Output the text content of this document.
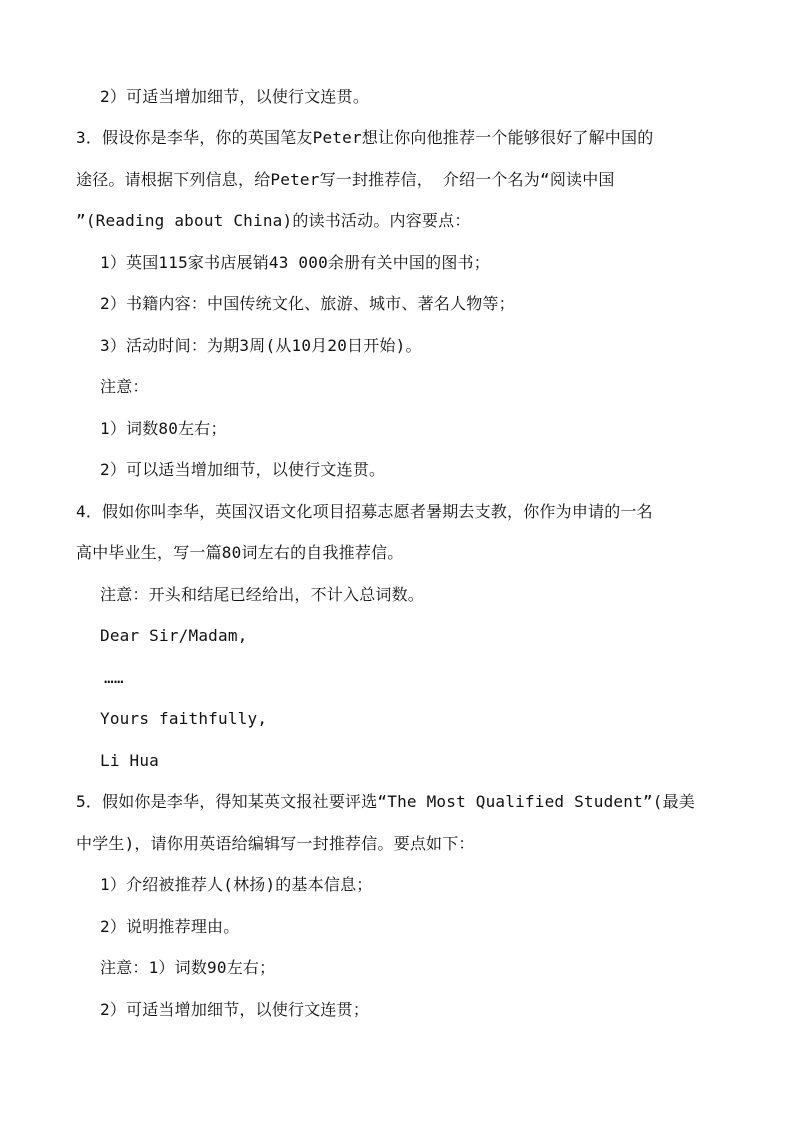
2）可适当增加细节，以使行文连贯。
3．假设你是李华，你的英国笔友Peter想让你向他推荐一个能够很好了解中国的
途径。请根据下列信息，给Peter写一封推荐信， 介绍一个名为“阅读中国
”(Reading about China)的读书活动。内容要点：
1）英国115家书店展销43 000余册有关中国的图书；
2）书籍内容：中国传统文化、旅游、城市、著名人物等；
3）活动时间：为期3周(从10月20日开始)。
注意：
1）词数80左右；
2）可以适当增加细节，以使行文连贯。
4．假如你叫李华，英国汉语文化项目招募志愿者暑期去支教，你作为申请的一名
高中毕业生，写一篇80词左右的自我推荐信。
注意：开头和结尾已经给出，不计入总词数。
Dear Sir/Madam,
……
Yours faithfully,
Li Hua
5．假如你是李华，得知某英文报社要评选“The Most Qualified Student”(最美
中学生)，请你用英语给编辑写一封推荐信。要点如下：
1）介绍被推荐人(林扬)的基本信息；
2）说明推荐理由。
注意：1）词数90左右；
2）可适当增加细节，以使行文连贯；
